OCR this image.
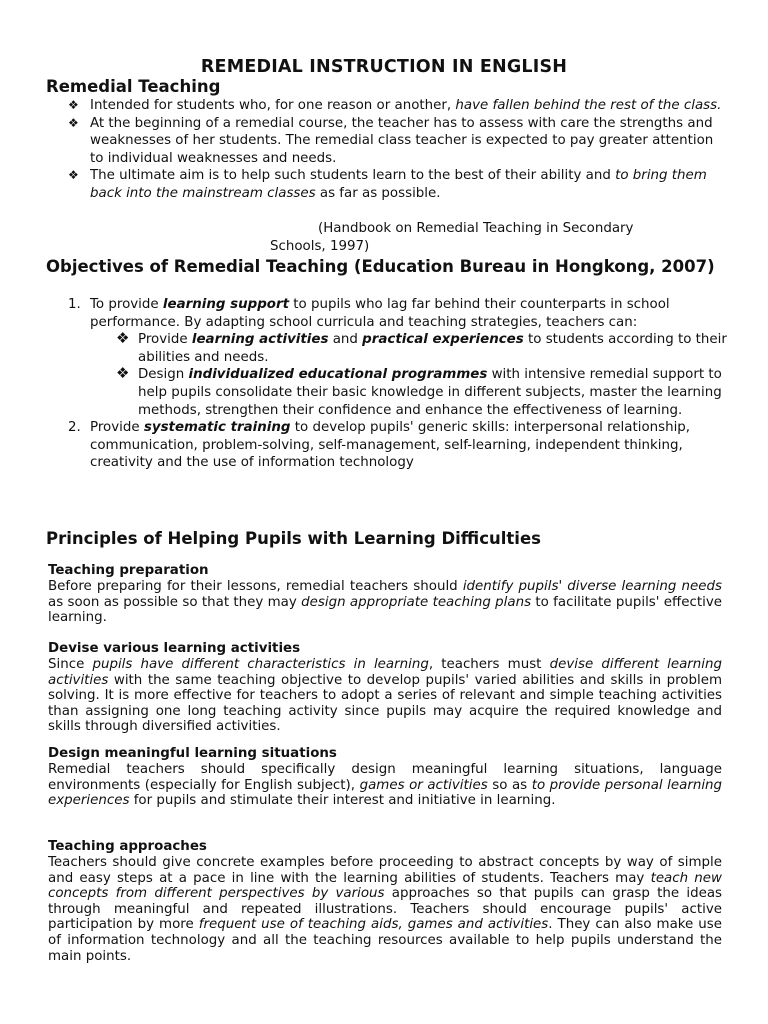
REMEDIAL INSTRUCTION IN ENGLISH
Remedial Teaching
❖ Intended for students who, for one reason or another, have fallen behind the rest of the class.
❖ At the beginning of a remedial course, the teacher has to assess with care the strengths and weaknesses of her students. The remedial class teacher is expected to pay greater attention to individual weaknesses and needs.
❖ The ultimate aim is to help such students learn to the best of their ability and to bring them back into the mainstream classes as far as possible.
(Handbook on Remedial Teaching in Secondary
Schools, 1997)
Objectives of Remedial Teaching (Education Bureau in Hongkong, 2007)
1. To provide learning support to pupils who lag far behind their counterparts in school performance. By adapting school curricula and teaching strategies, teachers can:
❖ Provide learning activities and practical experiences to students according to their abilities and needs.
❖ Design individualized educational programmes with intensive remedial support to help pupils consolidate their basic knowledge in different subjects, master the learning methods, strengthen their confidence and enhance the effectiveness of learning.
2. Provide systematic training to develop pupils' generic skills: interpersonal relationship, communication, problem-solving, self-management, self-learning, independent thinking, creativity and the use of information technology
Principles of Helping Pupils with Learning Difficulties
Teaching preparation

Before preparing for their lessons, remedial teachers should identify pupils' diverse learning needs as soon as possible so that they may design appropriate teaching plans to facilitate pupils' effective learning.

Devise various learning activities

Since pupils have different characteristics in learning, teachers must devise different learning activities with the same teaching objective to develop pupils' varied abilities and skills in problem solving. It is more effective for teachers to adopt a series of relevant and simple teaching activities than assigning one long teaching activity since pupils may acquire the required knowledge and skills through diversified activities.

Design meaningful learning situations

Remedial teachers should specifically design meaningful learning situations, language environments (especially for English subject), games or activities so as to provide personal learning experiences for pupils and stimulate their interest and initiative in learning.

Teaching approaches

Teachers should give concrete examples before proceeding to abstract concepts by way of simple and easy steps at a pace in line with the learning abilities of students. Teachers may teach new concepts from different perspectives by various approaches so that pupils can grasp the ideas through meaningful and repeated illustrations. Teachers should encourage pupils' active participation by more frequent use of teaching aids, games and activities. They can also make use of information technology and all the teaching resources available to help pupils understand the main points.
